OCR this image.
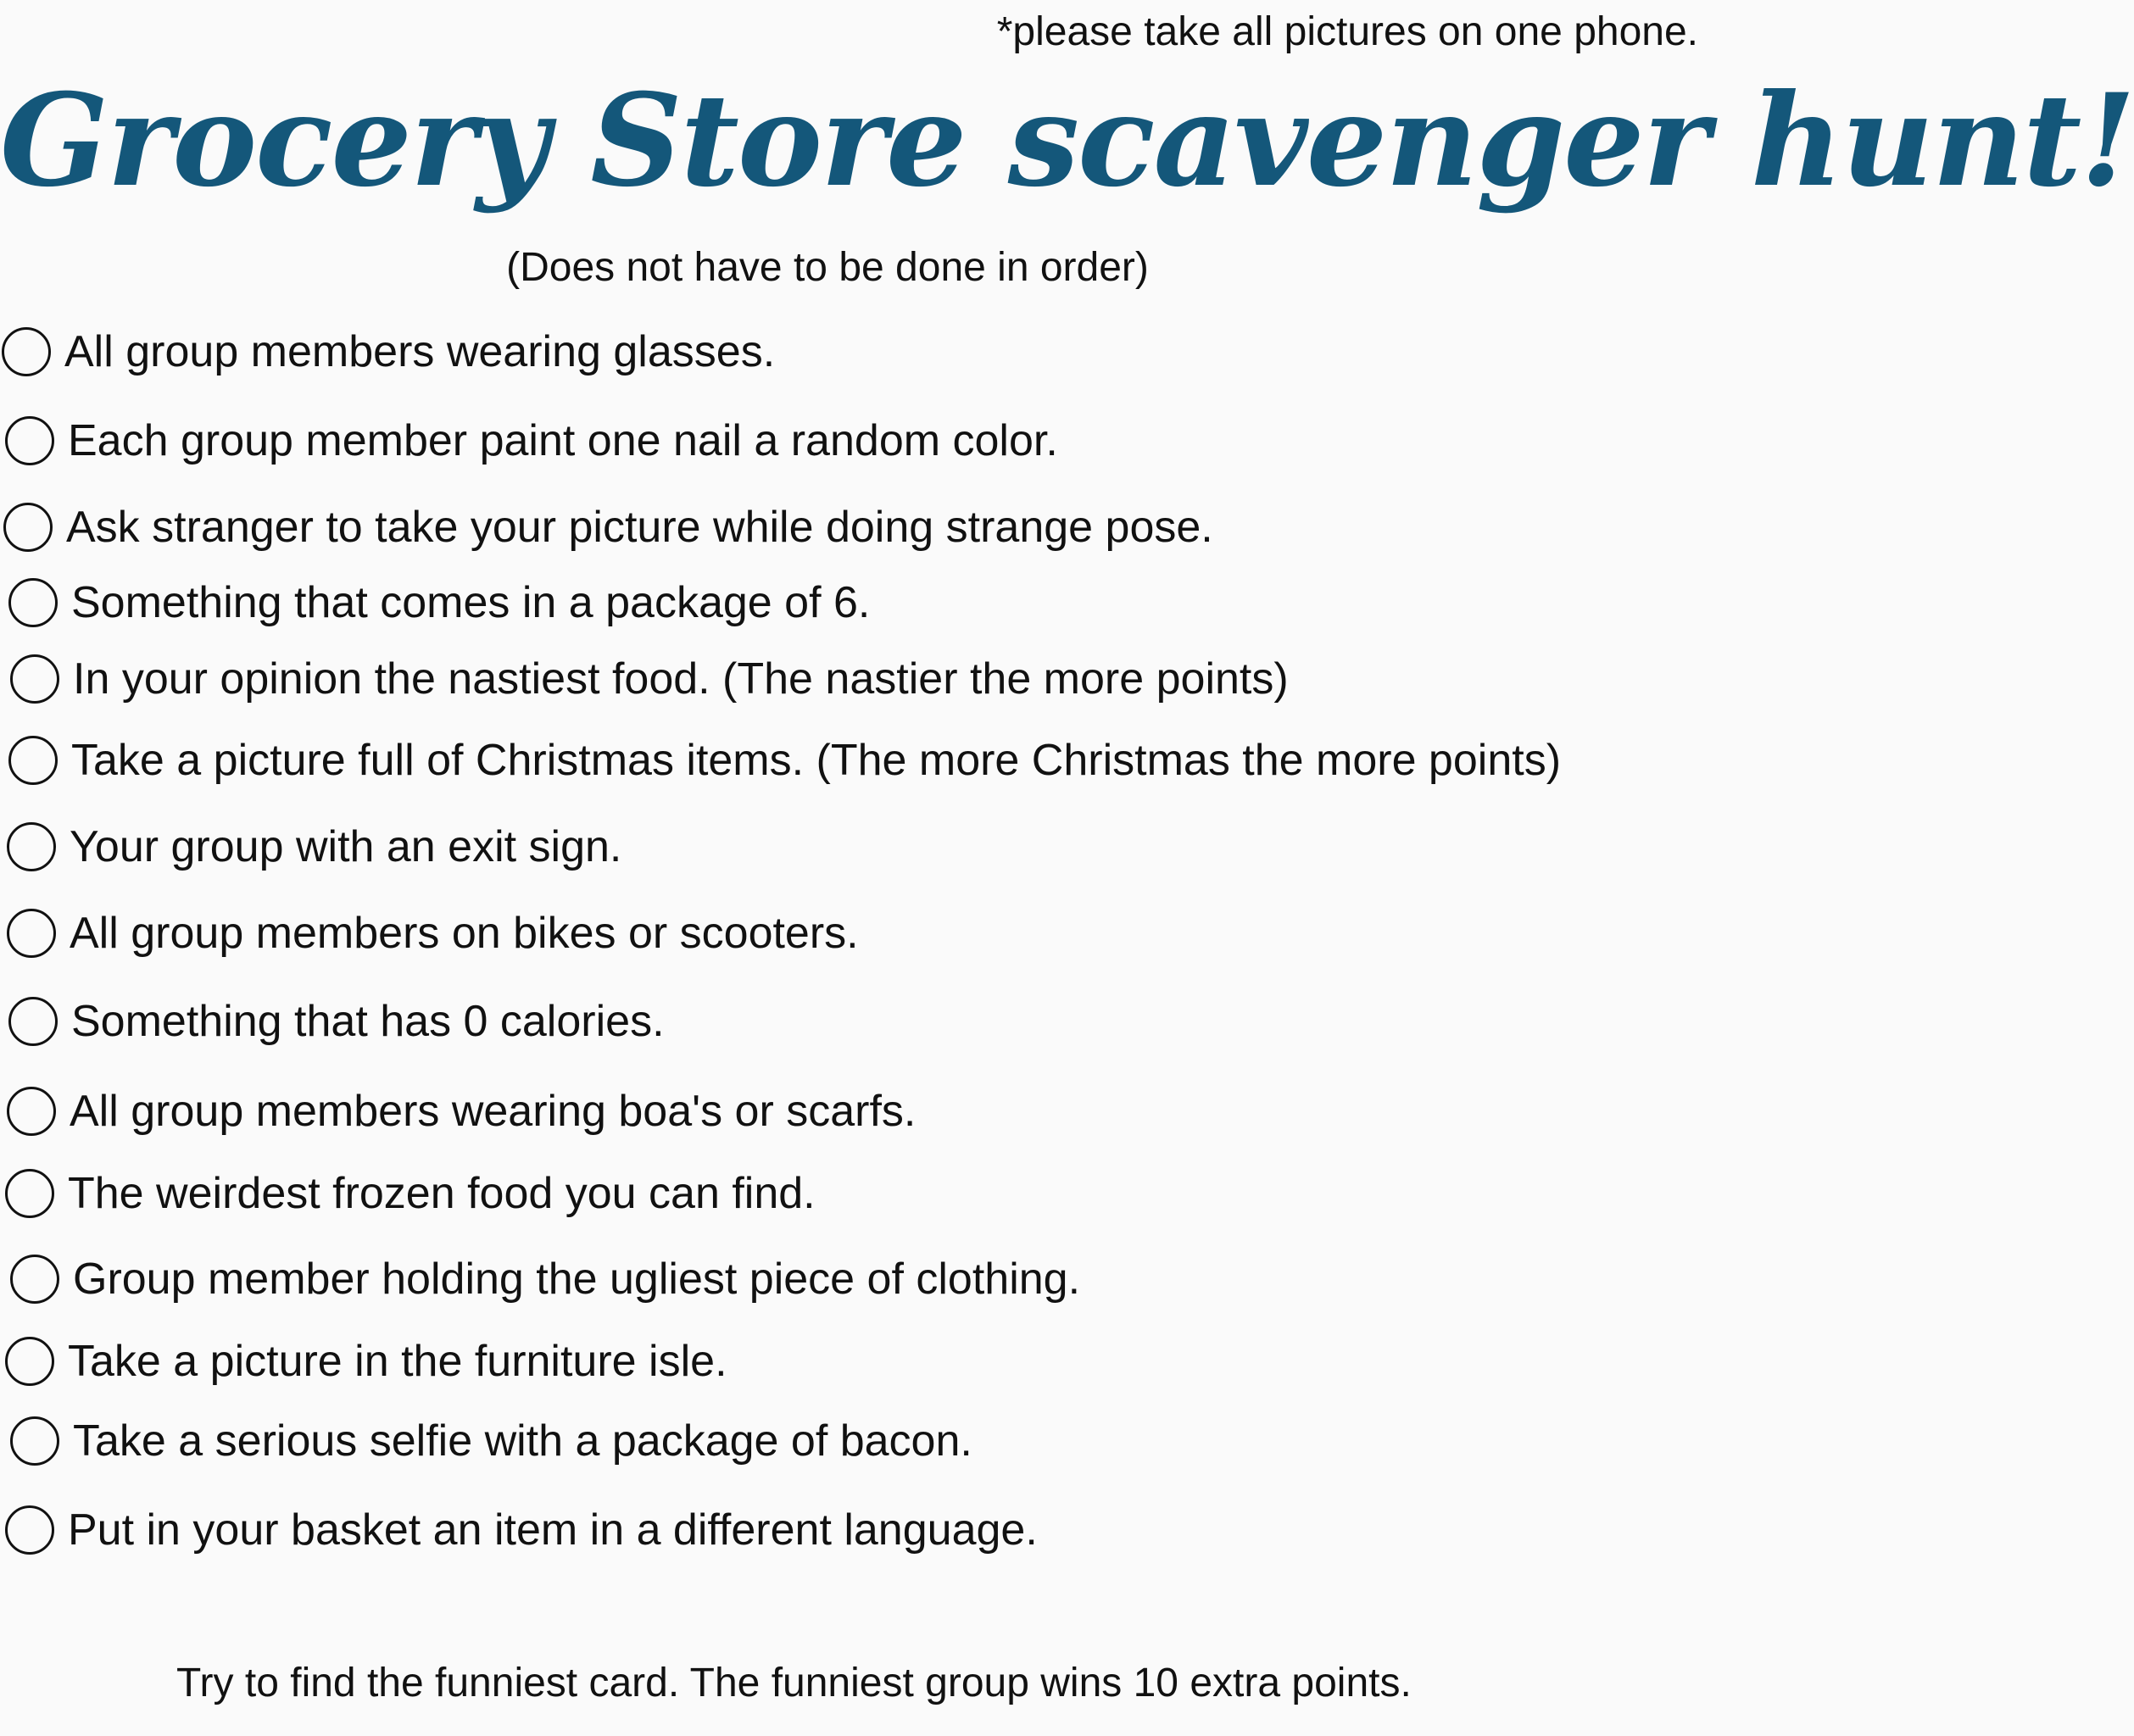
*please take all pictures on one phone.
Grocery Store scavenger hunt!
(Does not have to be done in order)
All group members wearing glasses.
Each group member paint one nail a random color.
Ask stranger to take your picture while doing strange pose.
Something that comes in a package of 6.
In your opinion the nastiest food. (The nastier the more points)
Take a picture full of Christmas items. (The more Christmas the more points)
Your group with an exit sign.
All group members on bikes or scooters.
Something that has 0 calories.
All group members wearing boa's or scarfs.
The weirdest frozen food you can find.
Group member holding the ugliest piece of clothing.
Take a picture in the furniture isle.
Take a serious selfie with a package of bacon.
Put in your basket an item in a different language.
Try to find the funniest card. The funniest group wins 10 extra points.
